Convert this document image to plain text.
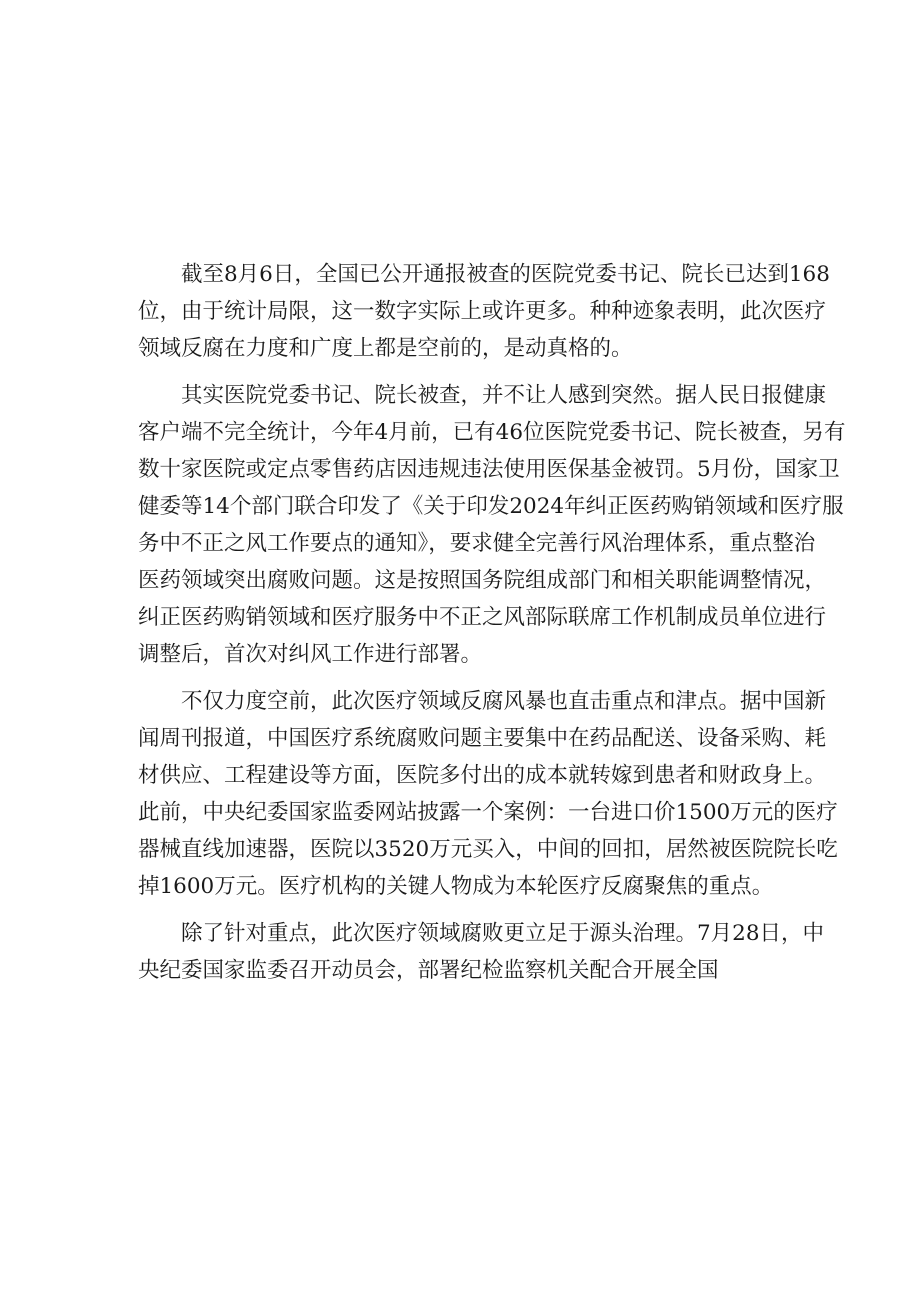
截至8月6日，全国已公开通报被查的医院党委书记、院长已达到168
位，由于统计局限，这一数字实际上或许更多。种种迹象表明，此次医疗
领域反腐在力度和广度上都是空前的，是动真格的。
其实医院党委书记、院长被查，并不让人感到突然。据人民日报健康
客户端不完全统计，今年4月前，已有46位医院党委书记、院长被查，另有
数十家医院或定点零售药店因违规违法使用医保基金被罚。5月份，国家卫
健委等14个部门联合印发了《关于印发2024年纠正医药购销领域和医疗服
务中不正之风工作要点的通知》，要求健全完善行风治理体系，重点整治
医药领域突出腐败问题。这是按照国务院组成部门和相关职能调整情况，
纠正医药购销领域和医疗服务中不正之风部际联席工作机制成员单位进行
调整后，首次对纠风工作进行部署。
不仅力度空前，此次医疗领域反腐风暴也直击重点和津点。据中国新
闻周刊报道，中国医疗系统腐败问题主要集中在药品配送、设备采购、耗
材供应、工程建设等方面，医院多付出的成本就转嫁到患者和财政身上。
此前，中央纪委国家监委网站披露一个案例：一台进口价1500万元的医疗
器械直线加速器，医院以3520万元买入，中间的回扣，居然被医院院长吃
掉1600万元。医疗机构的关键人物成为本轮医疗反腐聚焦的重点。
除了针对重点，此次医疗领域腐败更立足于源头治理。7月28日，中
央纪委国家监委召开动员会，部署纪检监察机关配合开展全国
